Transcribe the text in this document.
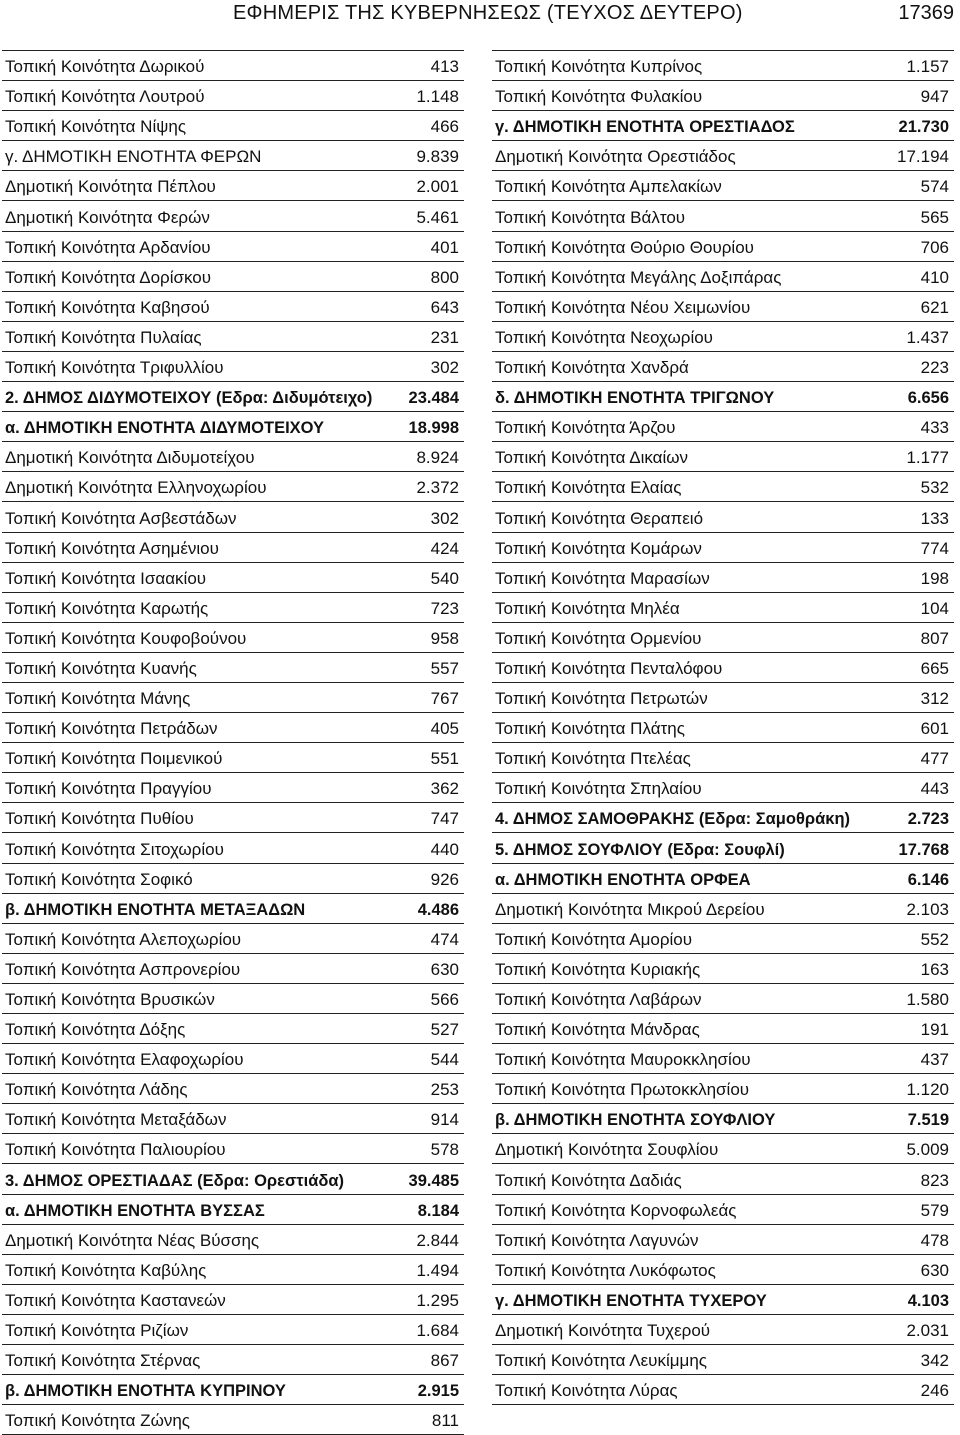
ΕΦΗΜΕΡΙΣ ΤΗΣ ΚΥΒΕΡΝΗΣΕΩΣ (ΤΕΥΧΟΣ ΔΕΥΤΕΡΟ)	17369
Τοπική Κοινότητα Δωρικού	413
Τοπική Κοινότητα Λουτρού	1.148
Τοπική Κοινότητα Νίψης	466
γ. ΔΗΜΟΤΙΚΗ ΕΝΟΤΗΤΑ ΦΕΡΩΝ	9.839
Δημοτική Κοινότητα Πέπλου	2.001
Δημοτική Κοινότητα Φερών	5.461
Τοπική Κοινότητα Αρδανίου	401
Τοπική Κοινότητα Δορίσκου	800
Τοπική Κοινότητα Καβησού	643
Τοπική Κοινότητα Πυλαίας	231
Τοπική Κοινότητα Τριφυλλίου	302
2. ΔΗΜΟΣ ΔΙΔΥΜΟΤΕΙΧΟΥ (Εδρα: Διδυμότειχο) 23.484
α. ΔΗΜΟΤΙΚΗ ΕΝΟΤΗΤΑ ΔΙΔΥΜΟΤΕΙΧΟΥ	18.998
Δημοτική Κοινότητα Διδυμοτείχου	8.924
Δημοτική Κοινότητα Ελληνοχωρίου	2.372
Τοπική Κοινότητα Ασβεστάδων	302
Τοπική Κοινότητα Ασημένιου	424
Τοπική Κοινότητα Ισαακίου	540
Τοπική Κοινότητα Καρωτής	723
Τοπική Κοινότητα Κουφοβούνου	958
Τοπική Κοινότητα Κυανής	557
Τοπική Κοινότητα Μάνης	767
Τοπική Κοινότητα Πετράδων	405
Τοπική Κοινότητα Ποιμενικού	551
Τοπική Κοινότητα Πραγγίου	362
Τοπική Κοινότητα Πυθίου	747
Τοπική Κοινότητα Σιτοχωρίου	440
Τοπική Κοινότητα Σοφικό	926
β. ΔΗΜΟΤΙΚΗ ΕΝΟΤΗΤΑ ΜΕΤΑΞΑΔΩΝ	4.486
Τοπική Κοινότητα Αλεποχωρίου	474
Τοπική Κοινότητα Ασπρονερίου	630
Τοπική Κοινότητα Βρυσικών	566
Τοπική Κοινότητα Δόξης	527
Τοπική Κοινότητα Ελαφοχωρίου	544
Τοπική Κοινότητα Λάδης	253
Τοπική Κοινότητα Μεταξάδων	914
Τοπική Κοινότητα Παλιουρίου	578
3. ΔΗΜΟΣ ΟΡΕΣΤΙΑΔΑΣ (Εδρα: Ορεστιάδα)	39.485
α. ΔΗΜΟΤΙΚΗ ΕΝΟΤΗΤΑ ΒΥΣΣΑΣ	8.184
Δημοτική Κοινότητα Νέας Βύσσης	2.844
Τοπική Κοινότητα Καβύλης	1.494
Τοπική Κοινότητα Καστανεών	1.295
Τοπική Κοινότητα Ριζίων	1.684
Τοπική Κοινότητα Στέρνας	867
β. ΔΗΜΟΤΙΚΗ ΕΝΟΤΗΤΑ ΚΥΠΡΙΝΟΥ	2.915
Τοπική Κοινότητα Ζώνης	811
Τοπική Κοινότητα Κυπρίνος	1.157
Τοπική Κοινότητα Φυλακίου	947
γ. ΔΗΜΟΤΙΚΗ ΕΝΟΤΗΤΑ ΟΡΕΣΤΙΑΔΟΣ	21.730
Δημοτική Κοινότητα Ορεστιάδος	17.194
Τοπική Κοινότητα Αμπελακίων	574
Τοπική Κοινότητα Βάλτου	565
Τοπική Κοινότητα Θούριο Θουρίου	706
Τοπική Κοινότητα Μεγάλης Δοξιπάρας	410
Τοπική Κοινότητα Νέου Χειμωνίου	621
Τοπική Κοινότητα Νεοχωρίου	1.437
Τοπική Κοινότητα Χανδρά	223
δ. ΔΗΜΟΤΙΚΗ ΕΝΟΤΗΤΑ ΤΡΙΓΩΝΟΥ	6.656
Τοπική Κοινότητα Άρζου	433
Τοπική Κοινότητα Δικαίων	1.177
Τοπική Κοινότητα Ελαίας	532
Τοπική Κοινότητα Θεραπειό	133
Τοπική Κοινότητα Κομάρων	774
Τοπική Κοινότητα Μαρασίων	198
Τοπική Κοινότητα Μηλέα	104
Τοπική Κοινότητα Ορμενίου	807
Τοπική Κοινότητα Πενταλόφου	665
Τοπική Κοινότητα Πετρωτών	312
Τοπική Κοινότητα Πλάτης	601
Τοπική Κοινότητα Πτελέας	477
Τοπική Κοινότητα Σπηλαίου	443
4. ΔΗΜΟΣ ΣΑΜΟΘΡΑΚΗΣ (Εδρα: Σαμοθράκη)	2.723
5. ΔΗΜΟΣ ΣΟΥΦΛΙΟΥ (Εδρα: Σουφλί)	17.768
α. ΔΗΜΟΤΙΚΗ ΕΝΟΤΗΤΑ ΟΡΦΕΑ	6.146
Δημοτική Κοινότητα Μικρού Δερείου	2.103
Τοπική Κοινότητα Αμορίου	552
Τοπική Κοινότητα Κυριακής	163
Τοπική Κοινότητα Λαβάρων	1.580
Τοπική Κοινότητα Μάνδρας	191
Τοπική Κοινότητα Μαυροκκλησίου	437
Τοπική Κοινότητα Πρωτοκκλησίου	1.120
β. ΔΗΜΟΤΙΚΗ ΕΝΟΤΗΤΑ ΣΟΥΦΛΙΟΥ	7.519
Δημοτική Κοινότητα Σουφλίου	5.009
Τοπική Κοινότητα Δαδιάς	823
Τοπική Κοινότητα Κορνοφωλεάς	579
Τοπική Κοινότητα Λαγυνών	478
Τοπική Κοινότητα Λυκόφωτος	630
γ. ΔΗΜΟΤΙΚΗ ΕΝΟΤΗΤΑ ΤΥΧΕΡΟΥ	4.103
Δημοτική Κοινότητα Τυχερού	2.031
Τοπική Κοινότητα Λευκίμμης	342
Τοπική Κοινότητα Λύρας	246
